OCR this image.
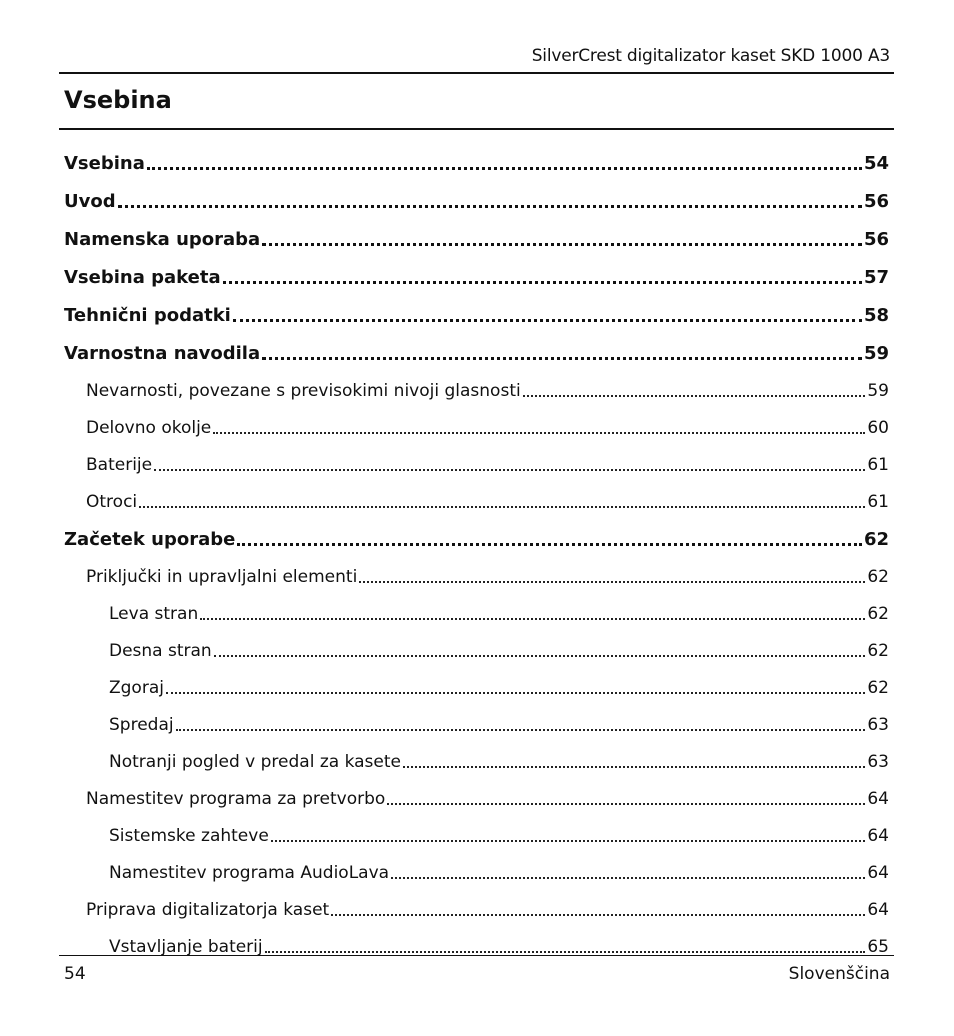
SilverCrest digitalizator kaset SKD 1000 A3
Vsebina
Vsebina	54
Uvod	56
Namenska uporaba	56
Vsebina paketa	57
Tehnični podatki	58
Varnostna navodila	59
Nevarnosti, povezane s previsokimi nivoji glasnosti	59
Delovno okolje	60
Baterije	61
Otroci	61
Začetek uporabe	62
Priključki in upravljalni elementi	62
Leva stran	62
Desna stran	62
Zgoraj	62
Spredaj	63
Notranji pogled v predal za kasete	63
Namestitev programa za pretvorbo	64
Sistemske zahteve	64
Namestitev programa AudioLava	64
Priprava digitalizatorja kaset	64
Vstavljanje baterij	65
54	Slovenščina
